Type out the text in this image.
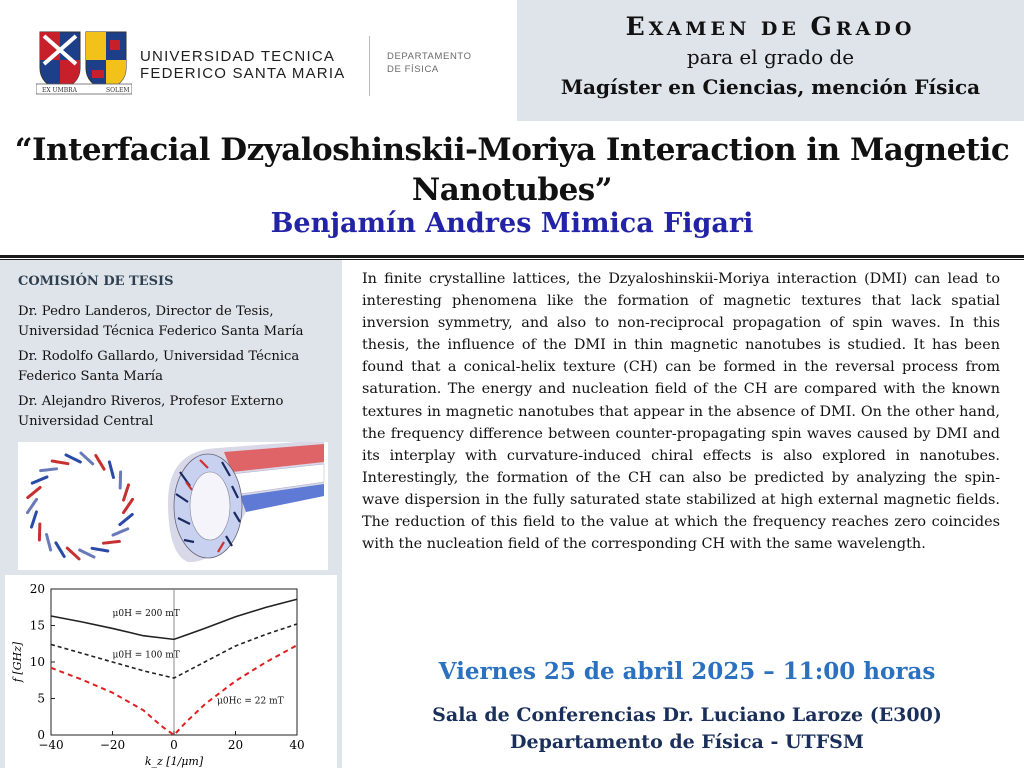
EX UMBRA	SOLEM
UNIVERSIDAD TECNICA
FEDERICO SANTA MARIA
DEPARTAMENTO
DE FÍSICA
EXAMEN DE GRADO
para el grado de
Magíster en Ciencias, mención Física
“Interfacial Dzyaloshinskii-Moriya Interaction in Magnetic Nanotubes”
Benjamín Andres Mimica Figari
COMISIÓN DE TESIS
Dr. Pedro Landeros, Director de Tesis, Universidad Técnica Federico Santa María
Dr. Rodolfo Gallardo, Universidad Técnica Federico Santa María
Dr. Alejandro Riveros, Profesor Externo Universidad Central
−40	−20	0	20	40
0
5
10
15
20
k_z [1/μm]
f [GHz]
μ0H = 200 mT
μ0H = 100 mT
μ0Hc = 22 mT
In finite crystalline lattices, the Dzyaloshinskii-Moriya interaction (DMI) can lead to interesting phenomena like the formation of magnetic textures that lack spatial inversion symmetry, and also to non-reciprocal propagation of spin waves. In this thesis, the influence of the DMI in thin magnetic nanotubes is studied. It has been found that a conical-helix texture (CH) can be formed in the reversal process from saturation. The energy and nucleation field of the CH are compared with the known textures in magnetic nanotubes that appear in the absence of DMI. On the other hand, the frequency difference between counter-propagating spin waves caused by DMI and its interplay with curvature-induced chiral effects is also explored in nanotubes. Interestingly, the formation of the CH can also be predicted by analyzing the spin-wave dispersion in the fully saturated state stabilized at high external magnetic fields. The reduction of this field to the value at which the frequency reaches zero coincides with the nucleation field of the corresponding CH with the same wavelength.
Viernes 25 de abril 2025 – 11:00 horas
Sala de Conferencias Dr. Luciano Laroze (E300)
Departamento de Física - UTFSM
